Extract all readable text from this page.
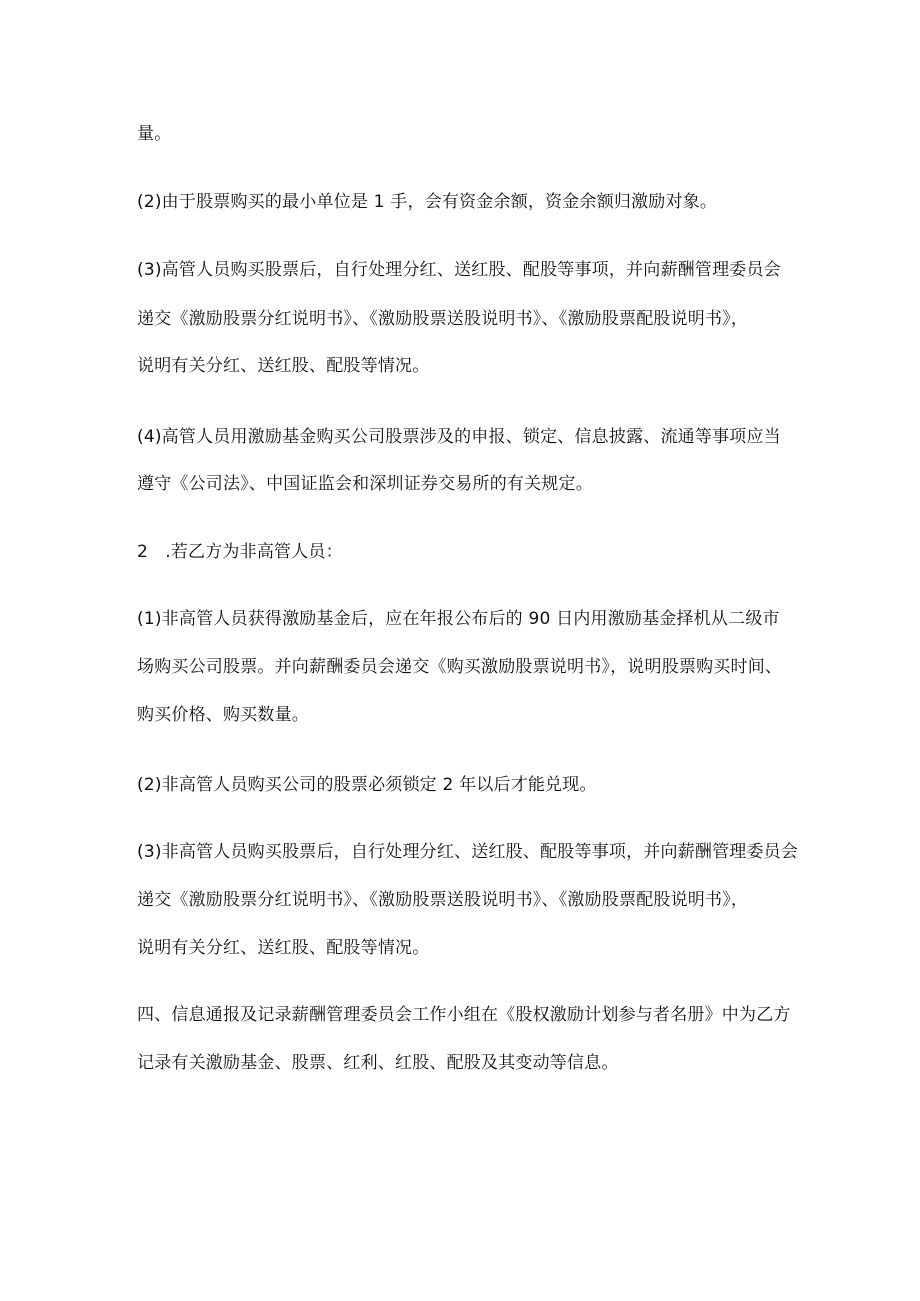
量。
(2)由于股票购买的最小单位是 1 手，会有资金余额，资金余额归激励对象。
(3)高管人员购买股票后，自行处理分红、送红股、配股等事项，并向薪酬管理委员会
递交《激励股票分红说明书》、《激励股票送股说明书》、《激励股票配股说明书》，
说明有关分红、送红股、配股等情况。
(4)高管人员用激励基金购买公司股票涉及的申报、锁定、信息披露、流通等事项应当
遵守《公司法》、中国证监会和深圳证券交易所的有关规定。
2　.若乙方为非高管人员：
(1)非高管人员获得激励基金后，应在年报公布后的 90 日内用激励基金择机从二级市
场购买公司股票。并向薪酬委员会递交《购买激励股票说明书》，说明股票购买时间、
购买价格、购买数量。
(2)非高管人员购买公司的股票必须锁定 2 年以后才能兑现。
(3)非高管人员购买股票后，自行处理分红、送红股、配股等事项，并向薪酬管理委员会
递交《激励股票分红说明书》、《激励股票送股说明书》、《激励股票配股说明书》，
说明有关分红、送红股、配股等情况。
四、信息通报及记录薪酬管理委员会工作小组在《股权激励计划参与者名册》中为乙方
记录有关激励基金、股票、红利、红股、配股及其变动等信息。
